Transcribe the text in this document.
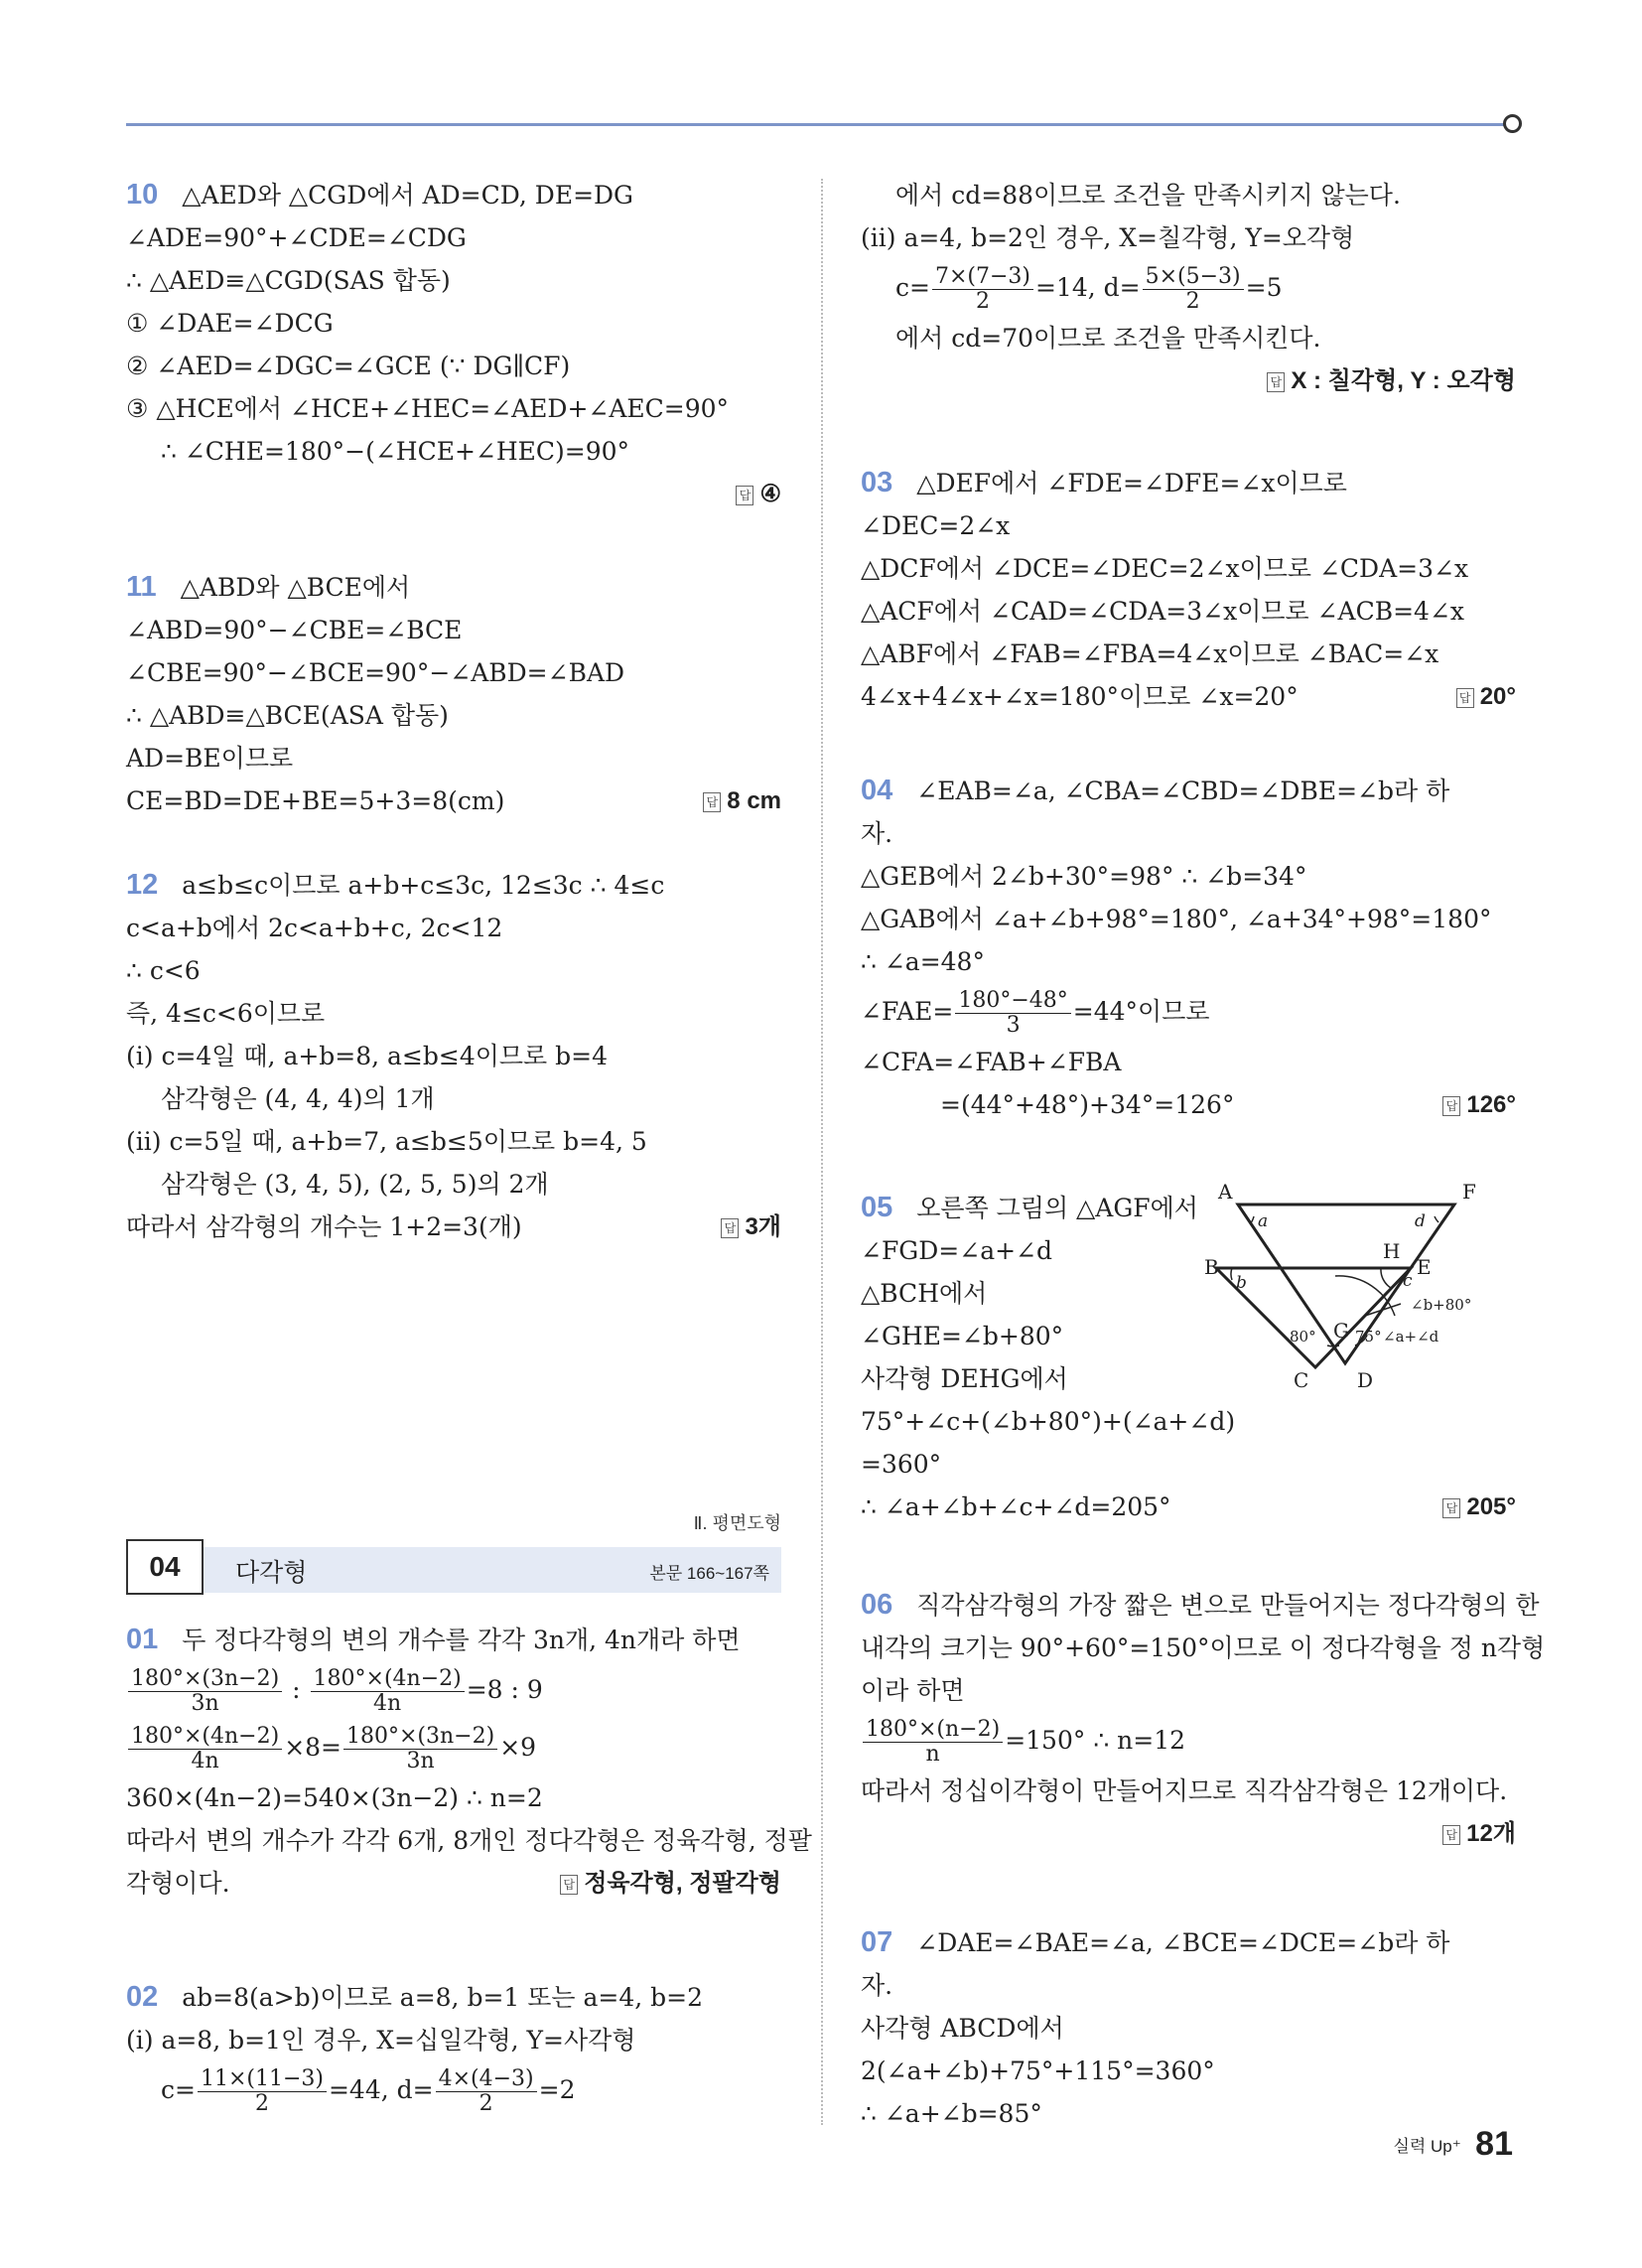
10 △AED와 △CGD에서 AD=CD, DE=DG
∠ADE=90°+∠CDE=∠CDG
∴ △AED≡△CGD(SAS 합동)
① ∠DAE=∠DCG
② ∠AED=∠DGC=∠GCE (∵ DG∥CF)
③ △HCE에서 ∠HCE+∠HEC=∠AED+∠AEC=90°
∴ ∠CHE=180°−(∠HCE+∠HEC)=90°
답 ④
11 △ABD와 △BCE에서
∠ABD=90°−∠CBE=∠BCE
∠CBE=90°−∠BCE=90°−∠ABD=∠BAD
∴ △ABD≡△BCE(ASA 합동)
AD=BE이므로
CE=BD=DE+BE=5+3=8(cm)	답 8 cm
12 a≤b≤c이므로 a+b+c≤3c, 12≤3c ∴ 4≤c
c<a+b에서 2c<a+b+c, 2c<12
∴ c<6
즉, 4≤c<6이므로
(ⅰ) c=4일 때, a+b=8, a≤b≤4이므로 b=4
삼각형은 (4, 4, 4)의 1개
(ⅱ) c=5일 때, a+b=7, a≤b≤5이므로 b=4, 5
삼각형은 (3, 4, 5), (2, 5, 5)의 2개
따라서 삼각형의 개수는 1+2=3(개)	답 3개
Ⅱ. 평면도형
04	다각형	본문 166~167쪽
01 두 정다각형의 변의 개수를 각각 3n개, 4n개라 하면
$\frac{180^\circ\times(3n-2)}{3n}$ : $\frac{180^\circ\times(4n-2)}{4n} =8$ : 9
$\frac{180^\circ\times(4n-2)}{4n} \times 8= \frac{180^\circ\times(3n-2)}{3n} \times 9$
360×(4n−2)=540×(3n−2) ∴ n=2
따라서 변의 개수가 각각 6개, 8개인 정다각형은 정육각형, 정팔
각형이다.	답 정육각형, 정팔각형
02 ab=8(a>b)이므로 a=8, b=1 또는 a=4, b=2
(ⅰ) a=8, b=1인 경우, X=십일각형, Y=사각형
$c= \frac{11\times(11-3)}{2} =44$, $d= \frac{4\times(4-3)}{2} =2$
에서 cd=88이므로 조건을 만족시키지 않는다.
(ⅱ) a=4, b=2인 경우, X=칠각형, Y=오각형
$c= \frac{7\times(7-3)}{2} =14$, $d= \frac{5\times(5-3)}{2} =5$
에서 cd=70이므로 조건을 만족시킨다.
답 X : 칠각형, Y : 오각형
03 △DEF에서 ∠FDE=∠DFE=∠x이므로
∠DEC=2∠x
△DCF에서 ∠DCE=∠DEC=2∠x이므로 ∠CDA=3∠x
△ACF에서 ∠CAD=∠CDA=3∠x이므로 ∠ACB=4∠x
△ABF에서 ∠FAB=∠FBA=4∠x이므로 ∠BAC=∠x
4∠x+4∠x+∠x=180°이므로 ∠x=20°	답 20°
04 ∠EAB=∠a, ∠CBA=∠CBD=∠DBE=∠b라 하
자.
△GEB에서 2∠b+30°=98° ∴ ∠b=34°
△GAB에서 ∠a+∠b+98°=180°, ∠a+34°+98°=180°
∴ ∠a=48°
∠FAE= $\frac{180^\circ-48^\circ}{3} =44^\circ$이므로
∠CFA=∠FAB+∠FBA
=(44°+48°)+34°=126°	답 126°
05 오른쪽 그림의 △AGF에서
∠FGD=∠a+∠d
△BCH에서
∠GHE=∠b+80°
사각형 DEHG에서
75°+∠c+(∠b+80°)+(∠a+∠d)
=360°
∴ ∠a+∠b+∠c+∠d=205°	답 205°
06 직각삼각형의 가장 짧은 변으로 만들어지는 정다각형의 한
내각의 크기는 90°+60°=150°이므로 이 정다각형을 정 n각형
이라 하면
$\frac{180^\circ\times(n-2)}{n} =150^\circ$ ∴ n=12
따라서 정십이각형이 만들어지므로 직각삼각형은 12개이다.
답 12개
07 ∠DAE=∠BAE=∠a, ∠BCE=∠DCE=∠b라 하
자.
사각형 ABCD에서
2(∠a+∠b)+75°+115°=360°
∴ ∠a+∠b=85°
A	F
B	E
H
G
C D
a	d
b	c
80°	75°
∠b+80°
∠a+∠d
실력 Up⁺ 81
